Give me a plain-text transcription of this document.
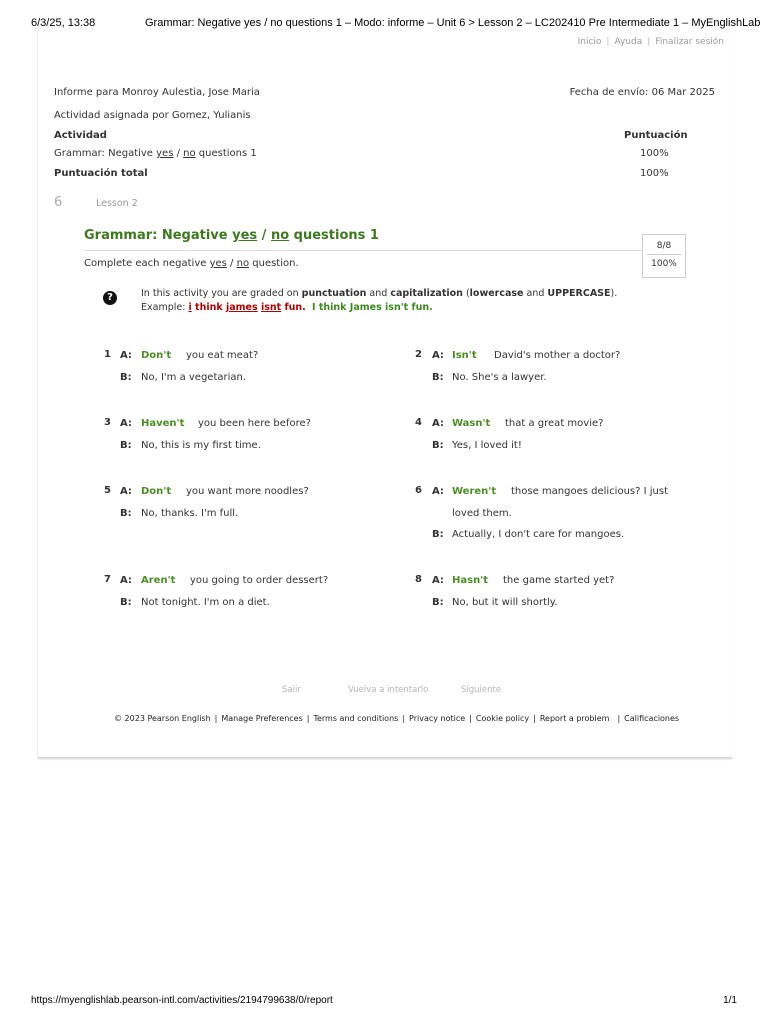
6/3/25, 13:38	Grammar: Negative yes / no questions 1 – Modo: informe – Unit 6 > Lesson 2 – LC202410 Pre Intermediate 1 – MyEnglishLab
Inicio | Ayuda | Finalizar sesión
Informe para Monroy Aulestia, Jose Maria	Fecha de envío: 06 Mar 2025
Actividad asignada por Gomez, Yulianis
Actividad	Puntuación
Grammar: Negative yes / no questions 1	100%
Puntuación total	100%
6	Lesson 2
Grammar: Negative yes / no questions 1
8/8
100%
Complete each negative yes / no question.
?	In this activity you are graded on punctuation and capitalization (lowercase and UPPERCASE).
Example: i think james isnt fun. I think James isn't fun.
1 A: Don't you eat meat?
B: No, I'm a vegetarian.
2 A: Isn't David's mother a doctor?
B: No. She's a lawyer.
3 A: Haven't you been here before?
B: No, this is my first time.
4 A: Wasn't that a great movie?
B: Yes, I loved it!
5 A: Don't you want more noodles?
B: No, thanks. I'm full.
6 A: Weren't those mangoes delicious? I just
loved them.
B: Actually, I don't care for mangoes.
7 A: Aren't you going to order dessert?
B: Not tonight. I'm on a diet.
8 A: Hasn't the game started yet?
B: No, but it will shortly.
Salir	Vuelva a intentarlo	Siguiente
© 2023 Pearson English | Manage Preferences | Terms and conditions | Privacy notice | Cookie policy | Report a problem | Calificaciones
https://myenglishlab.pearson-intl.com/activities/2194799638/0/report	1/1
